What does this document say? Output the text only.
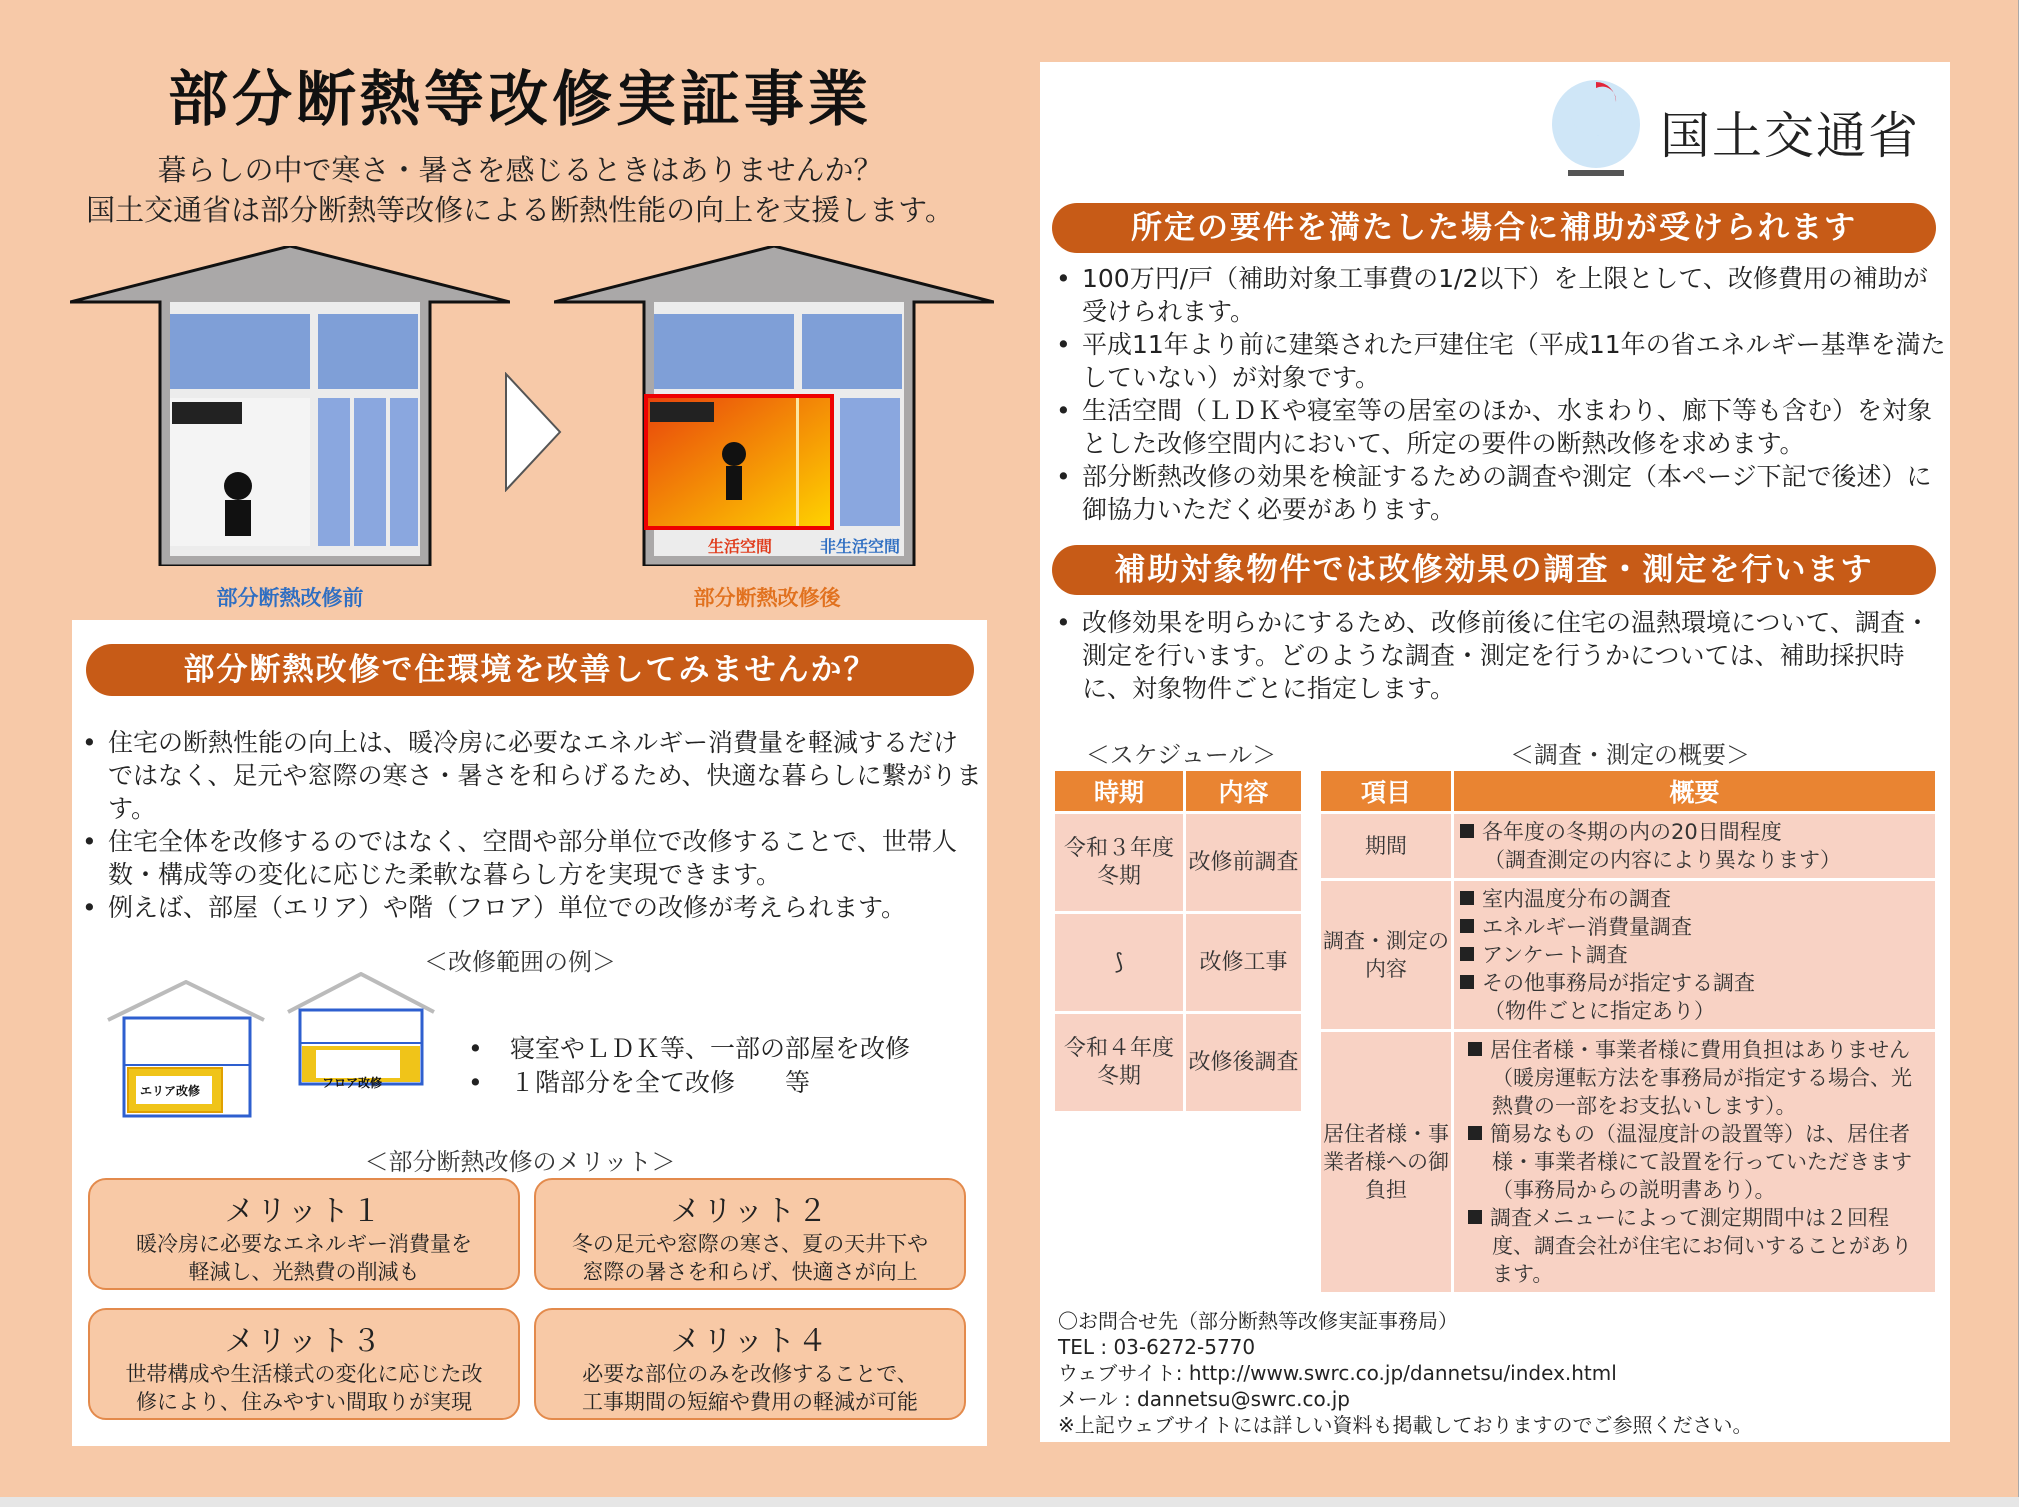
部分断熱等改修実証事業
暮らしの中で寒さ・暑さを感じるときはありませんか？
国土交通省は部分断熱等改修による断熱性能の向上を支援します。
部分断熱改修前
生活空間	非生活空間
部分断熱改修後
部分断熱改修で住環境を改善してみませんか？
• 住宅の断熱性能の向上は、暖冷房に必要なエネルギー消費量を軽減するだけではなく、足元や窓際の寒さ・暑さを和らげるため、快適な暮らしに繋がります。
• 住宅全体を改修するのではなく、空間や部分単位で改修することで、世帯人数・構成等の変化に応じた柔軟な暮らし方を実現できます。
• 例えば、部屋（エリア）や階（フロア）単位での改修が考えられます。
＜改修範囲の例＞
エリア改修
フロア改修
• 寝室やＬＤＫ等、一部の部屋を改修
• １階部分を全て改修　　等
＜部分断熱改修のメリット＞
メリット１
暖冷房に必要なエネルギー消費量を
軽減し、光熱費の削減も
メリット２
冬の足元や窓際の寒さ、夏の天井下や
窓際の暑さを和らげ、快適さが向上
メリット３
世帯構成や生活様式の変化に応じた改
修により、住みやすい間取りが実現
メリット４
必要な部位のみを改修することで、
工事期間の短縮や費用の軽減が可能
国土交通省
所定の要件を満たした場合に補助が受けられます
• 100万円/戸（補助対象工事費の1/2以下）を上限として、改修費用の補助が受けられます。
• 平成11年より前に建築された戸建住宅（平成11年の省エネルギー基準を満たしていない）が対象です。
• 生活空間（ＬＤＫや寝室等の居室のほか、水まわり、廊下等も含む）を対象とした改修空間内において、所定の要件の断熱改修を求めます。
• 部分断熱改修の効果を検証するための調査や測定（本ページ下記で後述）に御協力いただく必要があります。
補助対象物件では改修効果の調査・測定を行います
• 改修効果を明らかにするため、改修前後に住宅の温熱環境について、調査・測定を行います。どのような調査・測定を行うかについては、補助採択時に、対象物件ごとに指定します。
＜スケジュール＞	＜調査・測定の概要＞
時期	内容
令和３年度冬期	改修前調査
⟆	改修工事
令和４年度冬期	改修後調査
項目	概要
期間	各年度の冬期の内の20日間程度
（調査測定の内容により異なります）

調査・測定の内容	室内温度分布の調査
エネルギー消費量調査
アンケート調査
その他事務局が指定する調査
（物件ごとに指定あり）

居住者様・事業者様への御負担	居住者様・事業者様に費用負担はありません（暖房運転方法を事務局が指定する場合、光熱費の一部をお支払いします）。
簡易なもの（温湿度計の設置等）は、居住者様・事業者様にて設置を行っていただきます（事務局からの説明書あり）。
調査メニューによって測定期間中は２回程度、調査会社が住宅にお伺いすることがあります。
〇お問合せ先（部分断熱等改修実証事務局）
TEL : 03-6272-5770
ウェブサイト: http://www.swrc.co.jp/dannetsu/index.html
メール : dannetsu@swrc.co.jp
※上記ウェブサイトには詳しい資料も掲載しておりますのでご参照ください。
